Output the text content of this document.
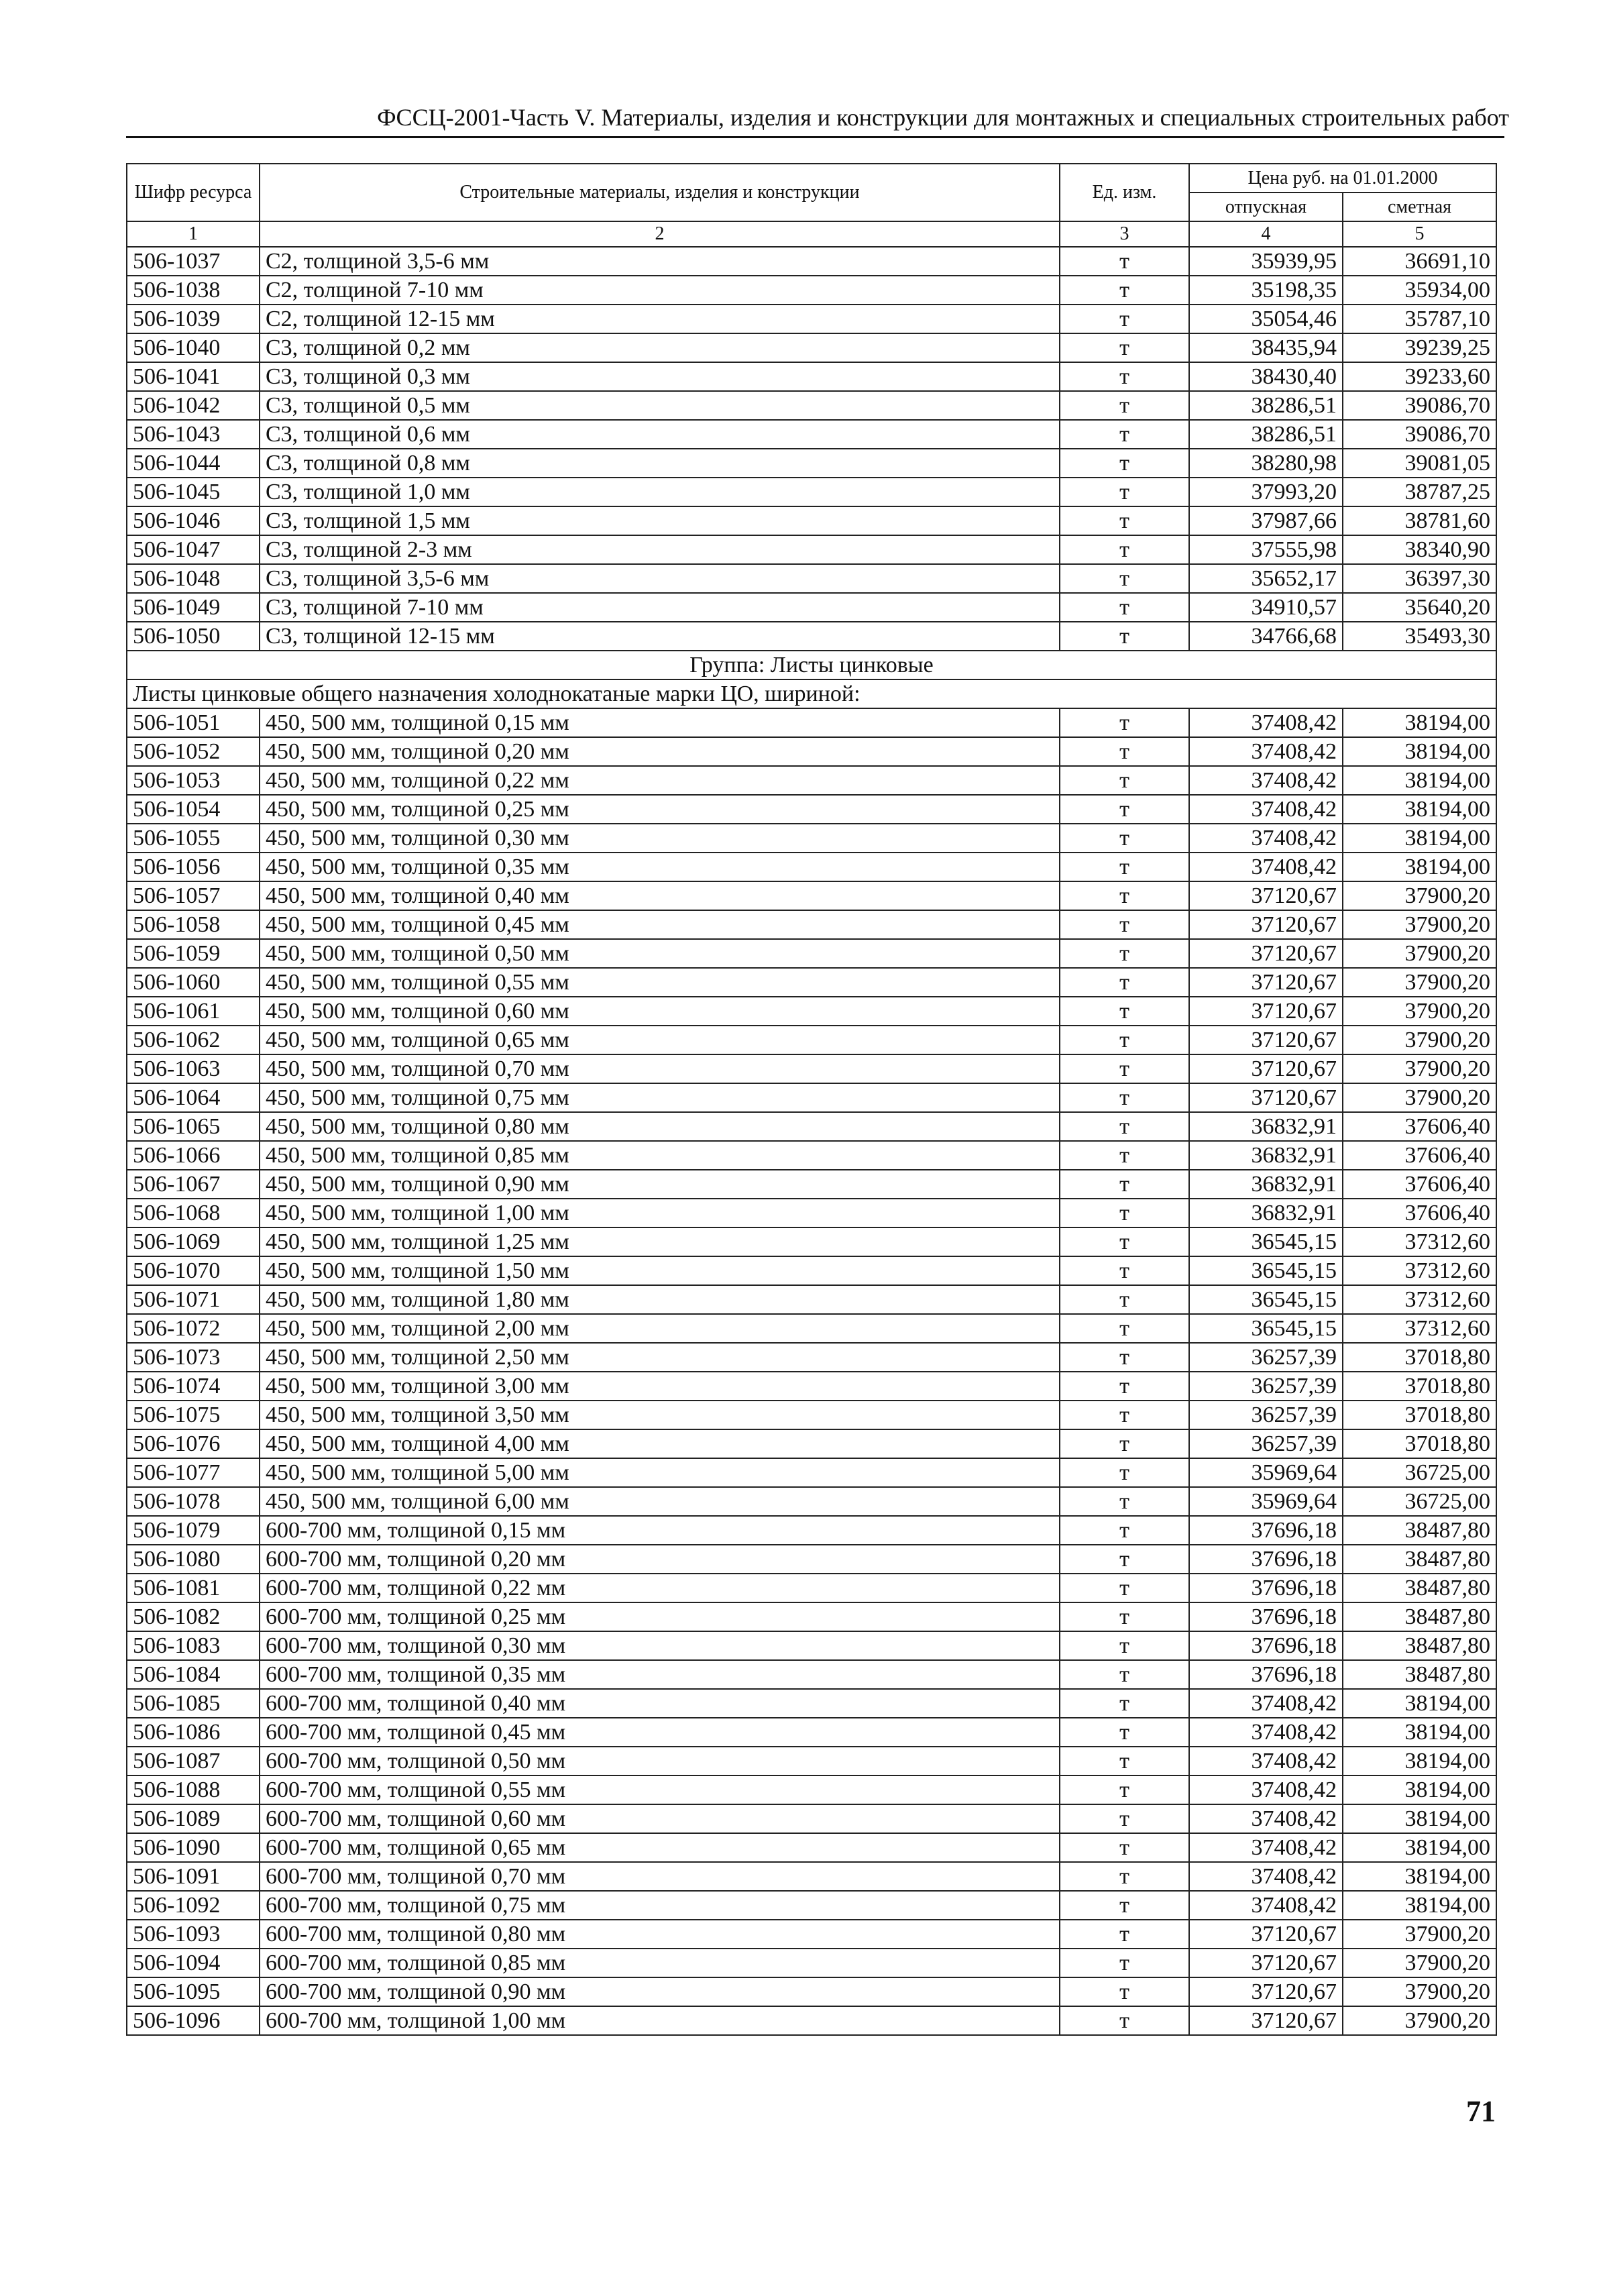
ФССЦ-2001-Часть V. Материалы, изделия и конструкции для монтажных и специальных строительных работ
Шифр ресурса	Строительные материалы, изделия и конструкции	Ед. изм.	Цена руб. на 01.01.2000	
			отпускная	сметная
1	2	3	4	5
506-1037	С2, толщиной 3,5-6 мм	т	35939,95	36691,10
506-1038	С2, толщиной 7-10 мм	т	35198,35	35934,00
506-1039	С2, толщиной 12-15 мм	т	35054,46	35787,10
506-1040	С3, толщиной 0,2 мм	т	38435,94	39239,25
506-1041	С3, толщиной 0,3 мм	т	38430,40	39233,60
506-1042	С3, толщиной 0,5 мм	т	38286,51	39086,70
506-1043	С3, толщиной 0,6 мм	т	38286,51	39086,70
506-1044	С3, толщиной 0,8 мм	т	38280,98	39081,05
506-1045	С3, толщиной 1,0 мм	т	37993,20	38787,25
506-1046	С3, толщиной 1,5 мм	т	37987,66	38781,60
506-1047	С3, толщиной 2-3 мм	т	37555,98	38340,90
506-1048	С3, толщиной 3,5-6 мм	т	35652,17	36397,30
506-1049	С3, толщиной 7-10 мм	т	34910,57	35640,20
506-1050	С3, толщиной 12-15 мм	т	34766,68	35493,30
Группа: Листы цинковые				
Листы цинковые общего назначения холоднокатаные марки ЦО, шириной:				
506-1051	450, 500 мм, толщиной 0,15 мм	т	37408,42	38194,00
506-1052	450, 500 мм, толщиной 0,20 мм	т	37408,42	38194,00
506-1053	450, 500 мм, толщиной 0,22 мм	т	37408,42	38194,00
506-1054	450, 500 мм, толщиной 0,25 мм	т	37408,42	38194,00
506-1055	450, 500 мм, толщиной 0,30 мм	т	37408,42	38194,00
506-1056	450, 500 мм, толщиной 0,35 мм	т	37408,42	38194,00
506-1057	450, 500 мм, толщиной 0,40 мм	т	37120,67	37900,20
506-1058	450, 500 мм, толщиной 0,45 мм	т	37120,67	37900,20
506-1059	450, 500 мм, толщиной 0,50 мм	т	37120,67	37900,20
506-1060	450, 500 мм, толщиной 0,55 мм	т	37120,67	37900,20
506-1061	450, 500 мм, толщиной 0,60 мм	т	37120,67	37900,20
506-1062	450, 500 мм, толщиной 0,65 мм	т	37120,67	37900,20
506-1063	450, 500 мм, толщиной 0,70 мм	т	37120,67	37900,20
506-1064	450, 500 мм, толщиной 0,75 мм	т	37120,67	37900,20
506-1065	450, 500 мм, толщиной 0,80 мм	т	36832,91	37606,40
506-1066	450, 500 мм, толщиной 0,85 мм	т	36832,91	37606,40
506-1067	450, 500 мм, толщиной 0,90 мм	т	36832,91	37606,40
506-1068	450, 500 мм, толщиной 1,00 мм	т	36832,91	37606,40
506-1069	450, 500 мм, толщиной 1,25 мм	т	36545,15	37312,60
506-1070	450, 500 мм, толщиной 1,50 мм	т	36545,15	37312,60
506-1071	450, 500 мм, толщиной 1,80 мм	т	36545,15	37312,60
506-1072	450, 500 мм, толщиной 2,00 мм	т	36545,15	37312,60
506-1073	450, 500 мм, толщиной 2,50 мм	т	36257,39	37018,80
506-1074	450, 500 мм, толщиной 3,00 мм	т	36257,39	37018,80
506-1075	450, 500 мм, толщиной 3,50 мм	т	36257,39	37018,80
506-1076	450, 500 мм, толщиной 4,00 мм	т	36257,39	37018,80
506-1077	450, 500 мм, толщиной 5,00 мм	т	35969,64	36725,00
506-1078	450, 500 мм, толщиной 6,00 мм	т	35969,64	36725,00
506-1079	600-700 мм, толщиной 0,15 мм	т	37696,18	38487,80
506-1080	600-700 мм, толщиной 0,20 мм	т	37696,18	38487,80
506-1081	600-700 мм, толщиной 0,22 мм	т	37696,18	38487,80
506-1082	600-700 мм, толщиной 0,25 мм	т	37696,18	38487,80
506-1083	600-700 мм, толщиной 0,30 мм	т	37696,18	38487,80
506-1084	600-700 мм, толщиной 0,35 мм	т	37696,18	38487,80
506-1085	600-700 мм, толщиной 0,40 мм	т	37408,42	38194,00
506-1086	600-700 мм, толщиной 0,45 мм	т	37408,42	38194,00
506-1087	600-700 мм, толщиной 0,50 мм	т	37408,42	38194,00
506-1088	600-700 мм, толщиной 0,55 мм	т	37408,42	38194,00
506-1089	600-700 мм, толщиной 0,60 мм	т	37408,42	38194,00
506-1090	600-700 мм, толщиной 0,65 мм	т	37408,42	38194,00
506-1091	600-700 мм, толщиной 0,70 мм	т	37408,42	38194,00
506-1092	600-700 мм, толщиной 0,75 мм	т	37408,42	38194,00
506-1093	600-700 мм, толщиной 0,80 мм	т	37120,67	37900,20
506-1094	600-700 мм, толщиной 0,85 мм	т	37120,67	37900,20
506-1095	600-700 мм, толщиной 0,90 мм	т	37120,67	37900,20
506-1096	600-700 мм, толщиной 1,00 мм	т	37120,67	37900,20
71
